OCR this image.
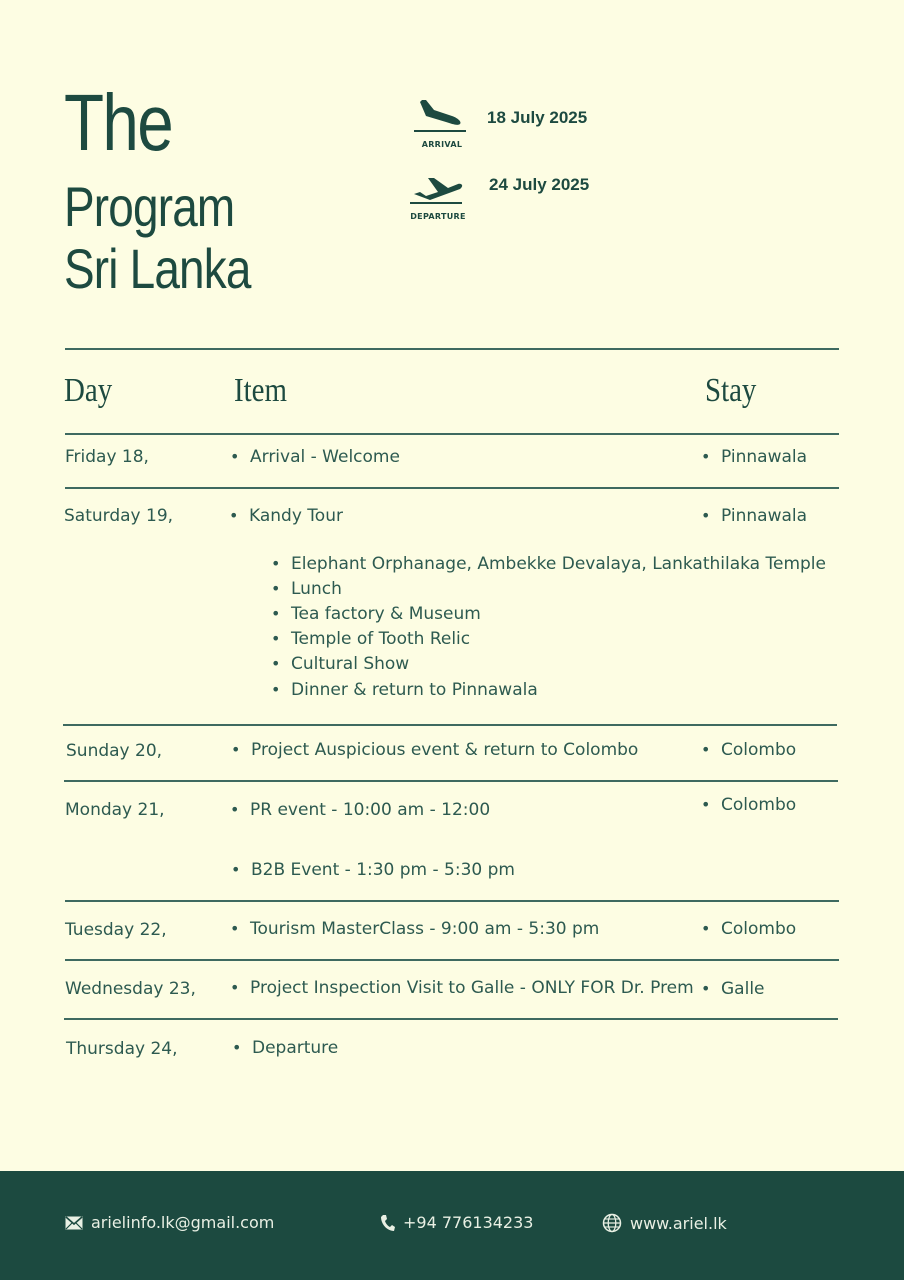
The
Program
Sri Lanka
ARRIVAL
18 July 2025
DEPARTURE
24 July 2025
Day	Item	Stay
Friday 18,	• Arrival - Welcome	• Pinnawala
Saturday 19,	• Kandy Tour	• Pinnawala
• Elephant Orphanage, Ambekke Devalaya, Lankathilaka Temple
• Lunch
• Tea factory & Museum
• Temple of Tooth Relic
• Cultural Show
• Dinner & return to Pinnawala
Sunday 20,	• Project Auspicious event & return to Colombo	• Colombo
Monday 21,	• PR event - 10:00 am - 12:00	• Colombo
• B2B Event - 1:30 pm - 5:30 pm
Tuesday 22,	• Tourism MasterClass - 9:00 am - 5:30 pm	• Colombo
Wednesday 23,	• Project Inspection Visit to Galle - ONLY FOR Dr. Prem	• Galle
Thursday 24,	• Departure
arielinfo.lk@gmail.com	+94 776134233	www.ariel.lk
